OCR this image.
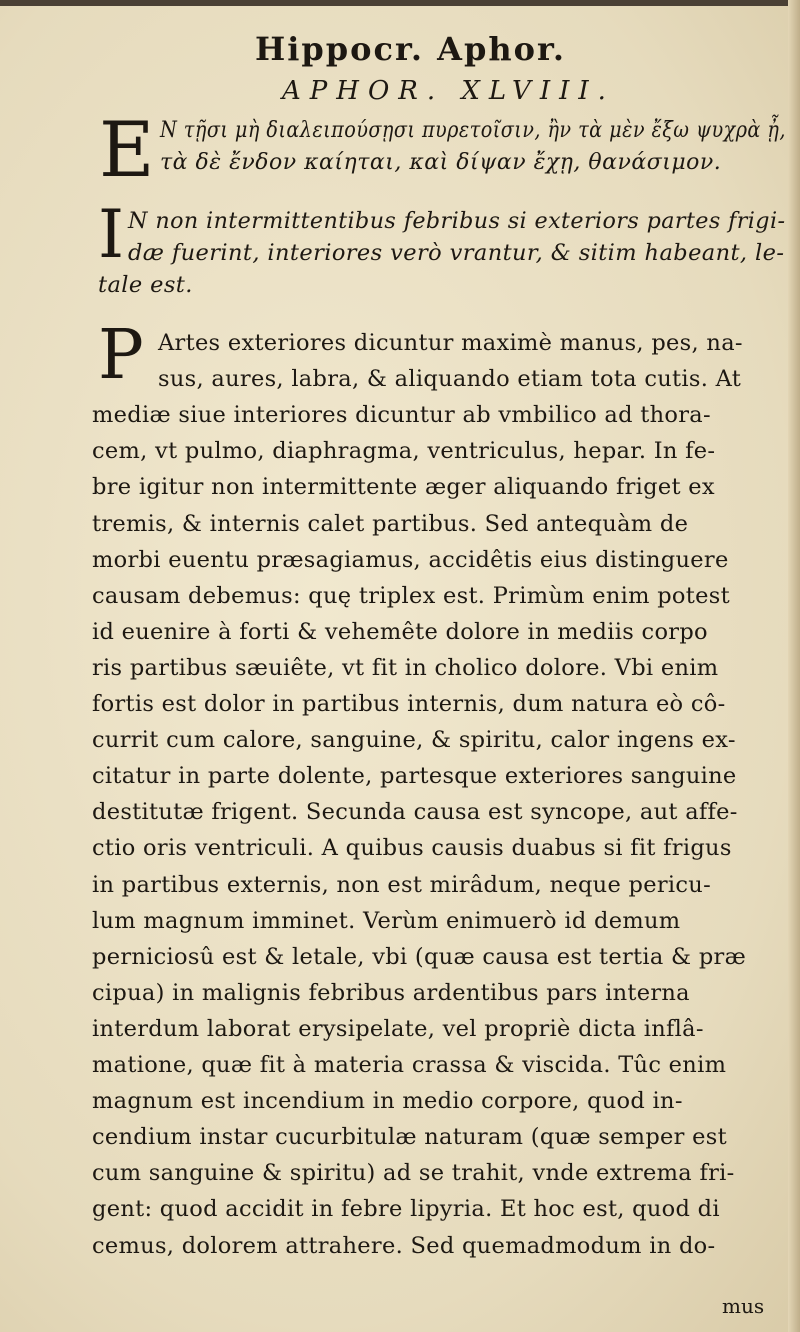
Hippocr. Aphor.
APHOR. XLVIII.
E Ν τῇσι μὴ διαλειπούσῃσι πυρετοῖσιν, ἢν τὰ μὲν ἔξω ψυχρὰ ᾖ,
τὰ δὲ ἔνδον καίηται, καὶ δίψαν ἔχῃ, θανάσιμον.
I N non intermittentibus febribus si exteriors partes frigi-
dæ fuerint, interiores verò vrantur, & sitim habeant, le-
tale est.
P Artes exteriores dicuntur maximè manus, pes, na-
sus, aures, labra, & aliquando etiam tota cutis. At
mediæ siue interiores dicuntur ab vmbilico ad thora-
cem, vt pulmo, diaphragma, ventriculus, hepar. In fe-
bre igitur non intermittente æger aliquando friget ex
tremis, & internis calet partibus. Sed antequàm de
morbi euentu præsagiamus, accidêtis eius distinguere
causam debemus: quę triplex est. Primùm enim potest
id euenire à forti & vehemête dolore in mediis corpo
ris partibus sæuiête, vt fit in cholico dolore. Vbi enim
fortis est dolor in partibus internis, dum natura eò cô-
currit cum calore, sanguine, & spiritu, calor ingens ex-
citatur in parte dolente, partesque exteriores sanguine
destitutæ frigent. Secunda causa est syncope, aut affe-
ctio oris ventriculi. A quibus causis duabus si fit frigus
in partibus externis, non est mirâdum, neque pericu-
lum magnum imminet. Verùm enimuerò id demum
perniciosû est & letale, vbi (quæ causa est tertia & præ
cipua) in malignis febribus ardentibus pars interna
interdum laborat erysipelate, vel propriè dicta inflâ-
matione, quæ fit à materia crassa & viscida. Tûc enim
magnum est incendium in medio corpore, quod in-
cendium instar cucurbitulæ naturam (quæ semper est
cum sanguine & spiritu) ad se trahit, vnde extrema fri-
gent: quod accidit in febre lipyria. Et hoc est, quod di
cemus, dolorem attrahere. Sed quemadmodum in do-
mus
